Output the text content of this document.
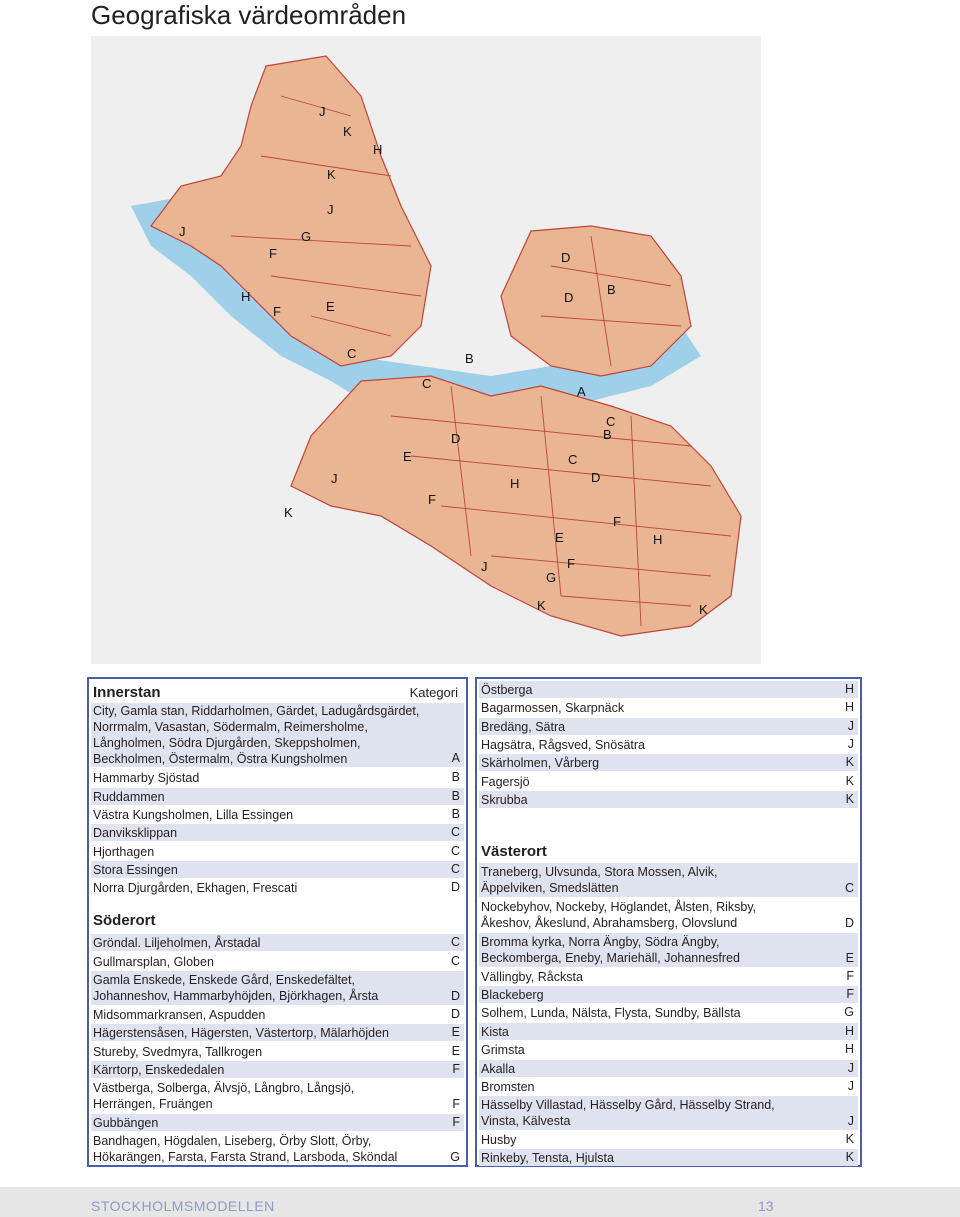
Geografiska värdeområden
J
K
H
K
J
J	G
F
H
F	E
D
D
B
C	B
C
A
C
B
D
E	C
D
J
F
H
K
F
E	H
J
G
F
K	K
Innerstan	Kategori
City, Gamla stan, Riddarholmen, Gärdet, Ladugårdsgärdet,
Norrmalm, Vasastan, Södermalm, Reimersholme,
Långholmen, Södra Djurgården, Skeppsholmen,
Beckholmen, Östermalm, Östra Kungsholmen	A
Hammarby Sjöstad	B
Ruddammen	B
Västra Kungsholmen, Lilla Essingen	B
Danviksklippan	C
Hjorthagen	C
Stora Essingen	C
Norra Djurgården, Ekhagen, Frescati	D
Söderort
Gröndal. Liljeholmen, Årstadal	C
Gullmarsplan, Globen	C
Gamla Enskede, Enskede Gård, Enskedefältet,
Johanneshov, Hammarbyhöjden, Björkhagen, Årsta	D
Midsommarkransen, Aspudden	D
Hägerstensåsen, Hägersten, Västertorp, Mälarhöjden	E
Stureby, Svedmyra, Tallkrogen	E
Kärrtorp, Enskededalen	F
Västberga, Solberga, Älvsjö, Långbro, Långsjö,
Herrängen, Fruängen	F
Gubbängen	F
Bandhagen, Högdalen, Liseberg, Örby Slott, Örby,
Hökarängen, Farsta, Farsta Strand, Larsboda, Sköndal	G
Östberga	H
Bagarmossen, Skarpnäck	H
Bredäng, Sätra	J
Hagsätra, Rågsved, Snösätra	J
Skärholmen, Vårberg	K
Fagersjö	K
Skrubba	K
Västerort
Traneberg, Ulvsunda, Stora Mossen, Alvik,
Äppelviken, Smedslätten	C
Nockebyhov, Nockeby, Höglandet, Ålsten, Riksby,
Åkeshov, Åkeslund, Abrahamsberg, Olovslund	D
Bromma kyrka, Norra Ängby, Södra Ängby,
Beckomberga, Eneby, Mariehäll, Johannesfred	E
Vällingby, Råcksta	F
Blackeberg	F
Solhem, Lunda, Nälsta, Flysta, Sundby, Bällsta	G
Kista	H
Grimsta	H
Akalla	J
Bromsten	J
Hässelby Villastad, Hässelby Gård, Hässelby Strand,
Vinsta, Kälvesta	J
Husby	K
Rinkeby, Tensta, Hjulsta	K
STOCKHOLMSMODELLEN	13
